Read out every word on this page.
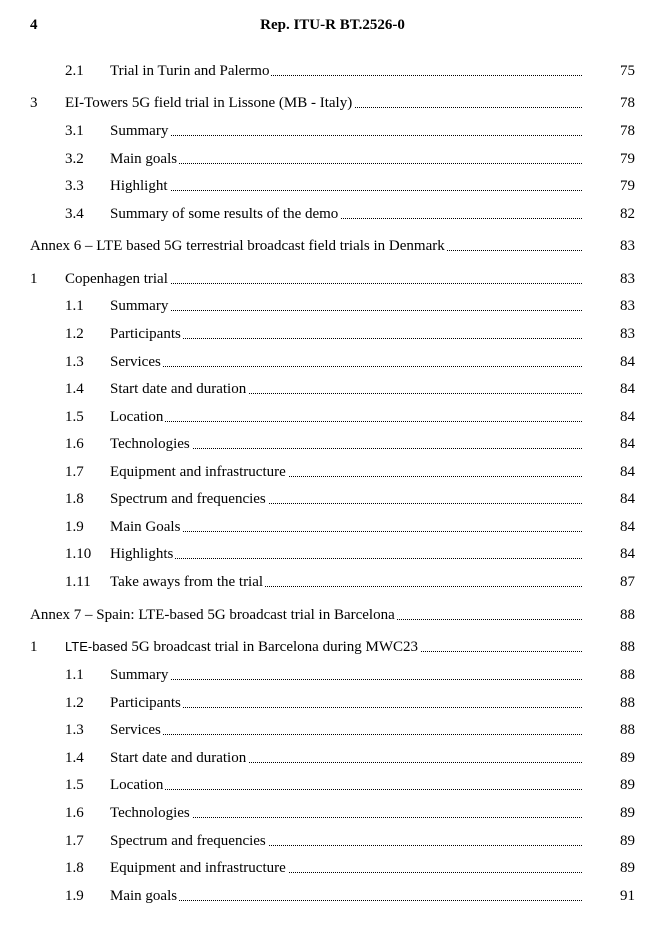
4	Rep. ITU-R BT.2526-0
2.1 Trial in Turin and Palermo	75
3 EI-Towers 5G field trial in Lissone (MB - Italy)	78
3.1 Summary	78
3.2 Main goals	79
3.3 Highlight	79
3.4 Summary of some results of the demo	82
Annex 6 – LTE based 5G terrestrial broadcast field trials in Denmark	83
1 Copenhagen trial	83
1.1 Summary	83
1.2 Participants	83
1.3 Services	84
1.4 Start date and duration	84
1.5 Location	84
1.6 Technologies	84
1.7 Equipment and infrastructure	84
1.8 Spectrum and frequencies	84
1.9 Main Goals	84
1.10 Highlights	84
1.11 Take aways from the trial	87
Annex 7 – Spain: LTE-based 5G broadcast trial in Barcelona	88
1 LTE-based 5G broadcast trial in Barcelona during MWC23	88
1.1 Summary	88
1.2 Participants	88
1.3 Services	88
1.4 Start date and duration	89
1.5 Location	89
1.6 Technologies	89
1.7 Spectrum and frequencies	89
1.8 Equipment and infrastructure	89
1.9 Main goals	91
